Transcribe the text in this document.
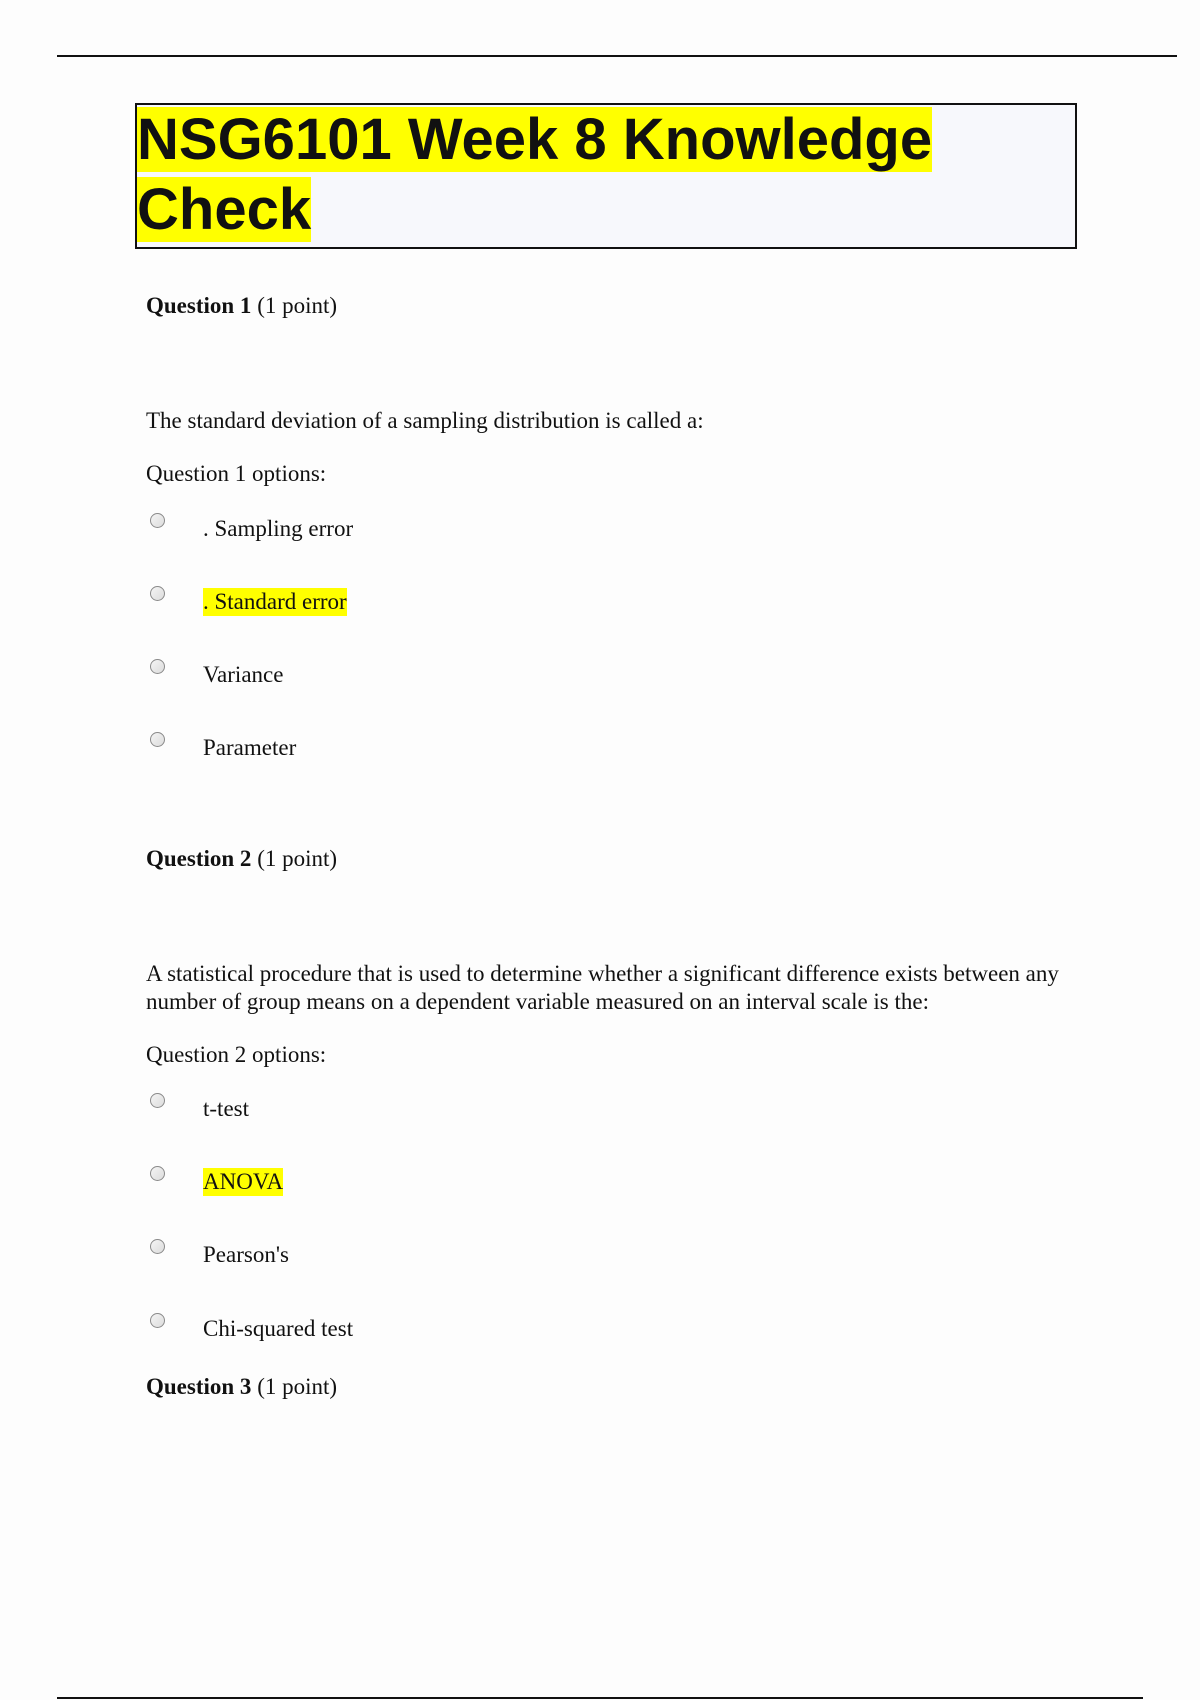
NSG6101 Week 8 Knowledge Check
Question 1 (1 point)
The standard deviation of a sampling distribution is called a:
Question 1 options:
. Sampling error
. Standard error
Variance
Parameter
Question 2 (1 point)
A statistical procedure that is used to determine whether a significant difference exists between any number of group means on a dependent variable measured on an interval scale is the:
Question 2 options:
t-test
ANOVA
Pearson's
Chi-squared test
Question 3 (1 point)
